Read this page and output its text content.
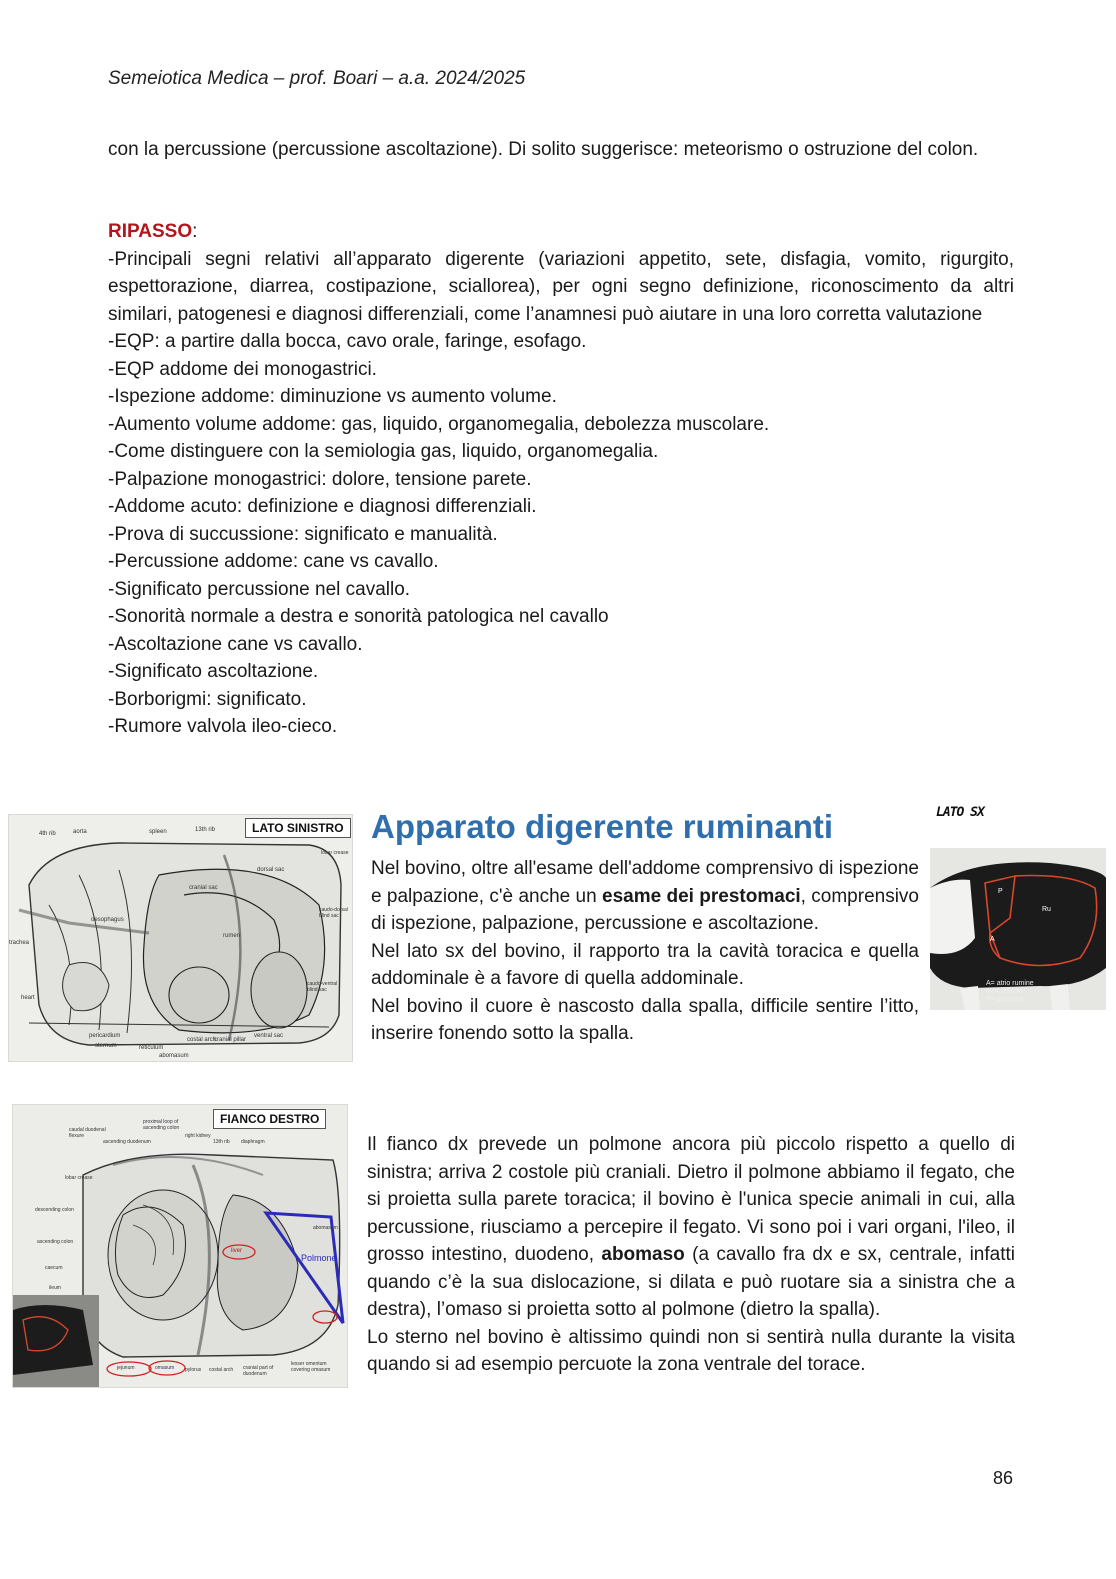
Semeiotica Medica – prof. Boari – a.a. 2024/2025
con la percussione (percussione ascoltazione). Di solito suggerisce: meteorismo o ostruzione del colon.
RIPASSO:
-Principali segni relativi all’apparato digerente (variazioni appetito, sete, disfagia, vomito, rigurgito, espettorazione, diarrea, costipazione, sciallorea), per ogni segno definizione, riconoscimento da altri similari, patogenesi e diagnosi differenziali, come l’anamnesi può aiutare in una loro corretta valutazione
-EQP: a partire dalla bocca, cavo orale, faringe, esofago.
-EQP addome dei monogastrici.
-Ispezione addome: diminuzione vs aumento volume.
-Aumento volume addome: gas, liquido, organomegalia, debolezza muscolare.
-Come distinguere con la semiologia gas, liquido, organomegalia.
-Palpazione monogastrici: dolore, tensione parete.
-Addome acuto: definizione e diagnosi differenziali.
-Prova di succussione: significato e manualità.
-Percussione addome: cane vs cavallo.
-Significato percussione nel cavallo.
-Sonorità normale a destra e sonorità patologica nel cavallo
-Ascoltazione cane vs cavallo.
-Significato ascoltazione.
-Borborigmi: significato.
-Rumore valvola ileo-cieco.
LATO SINISTRO
4th rib	aorta	spleen	13th rib
lobar crease
trachea
oesophagus
cranial sac
dorsal sac
rumen
caudo-dorsal blind sac
heart
caudo-ventral blind sac
pericardium
sternum	reticulum
costal arch
cranial pillar
ventral sac
abomasum
Apparato digerente ruminanti	LATO SX
Nel bovino, oltre all'esame dell'addome comprensivo di ispezione e palpazione, c'è anche un esame dei prestomaci, comprensivo di ispezione, palpazione, percussione e ascoltazione.
Nel lato sx del bovino, il rapporto tra la cavità toracica e quella addominale è a favore di quella addominale.
Nel bovino il cuore è nascosto dalla spalla, difficile sentire l’itto, inserire fonendo sotto la spalla.
P
Ru
A
A= atrio rumine
Re= reticolo
P= polmone
FIANCO DESTRO
caudal duodenal flexure
proximal loop of ascending colon
right kidney
13th rib diaphragm
ascending duodenum
lobar crease
descending colon
ascending colon
caecum
ileum
liver
Polmone
jejunum	omasum
abomasum
pylorus costal arch cranial part of duodenum
lesser omentum covering omasum
Il fianco dx prevede un polmone ancora più piccolo rispetto a quello di sinistra; arriva 2 costole più craniali. Dietro il polmone abbiamo il fegato, che si proietta sulla parete toracica; il bovino è l'unica specie animali in cui, alla percussione, riusciamo a percepire il fegato. Vi sono poi i vari organi, l'ileo, il grosso intestino, duodeno, abomaso (a cavallo fra dx e sx, centrale, infatti quando c’è la sua dislocazione, si dilata e può ruotare sia a sinistra che a destra), l’omaso si proietta sotto al polmone (dietro la spalla).
Lo sterno nel bovino è altissimo quindi non si sentirà nulla durante la visita quando si ad esempio percuote la zona ventrale del torace.
86
